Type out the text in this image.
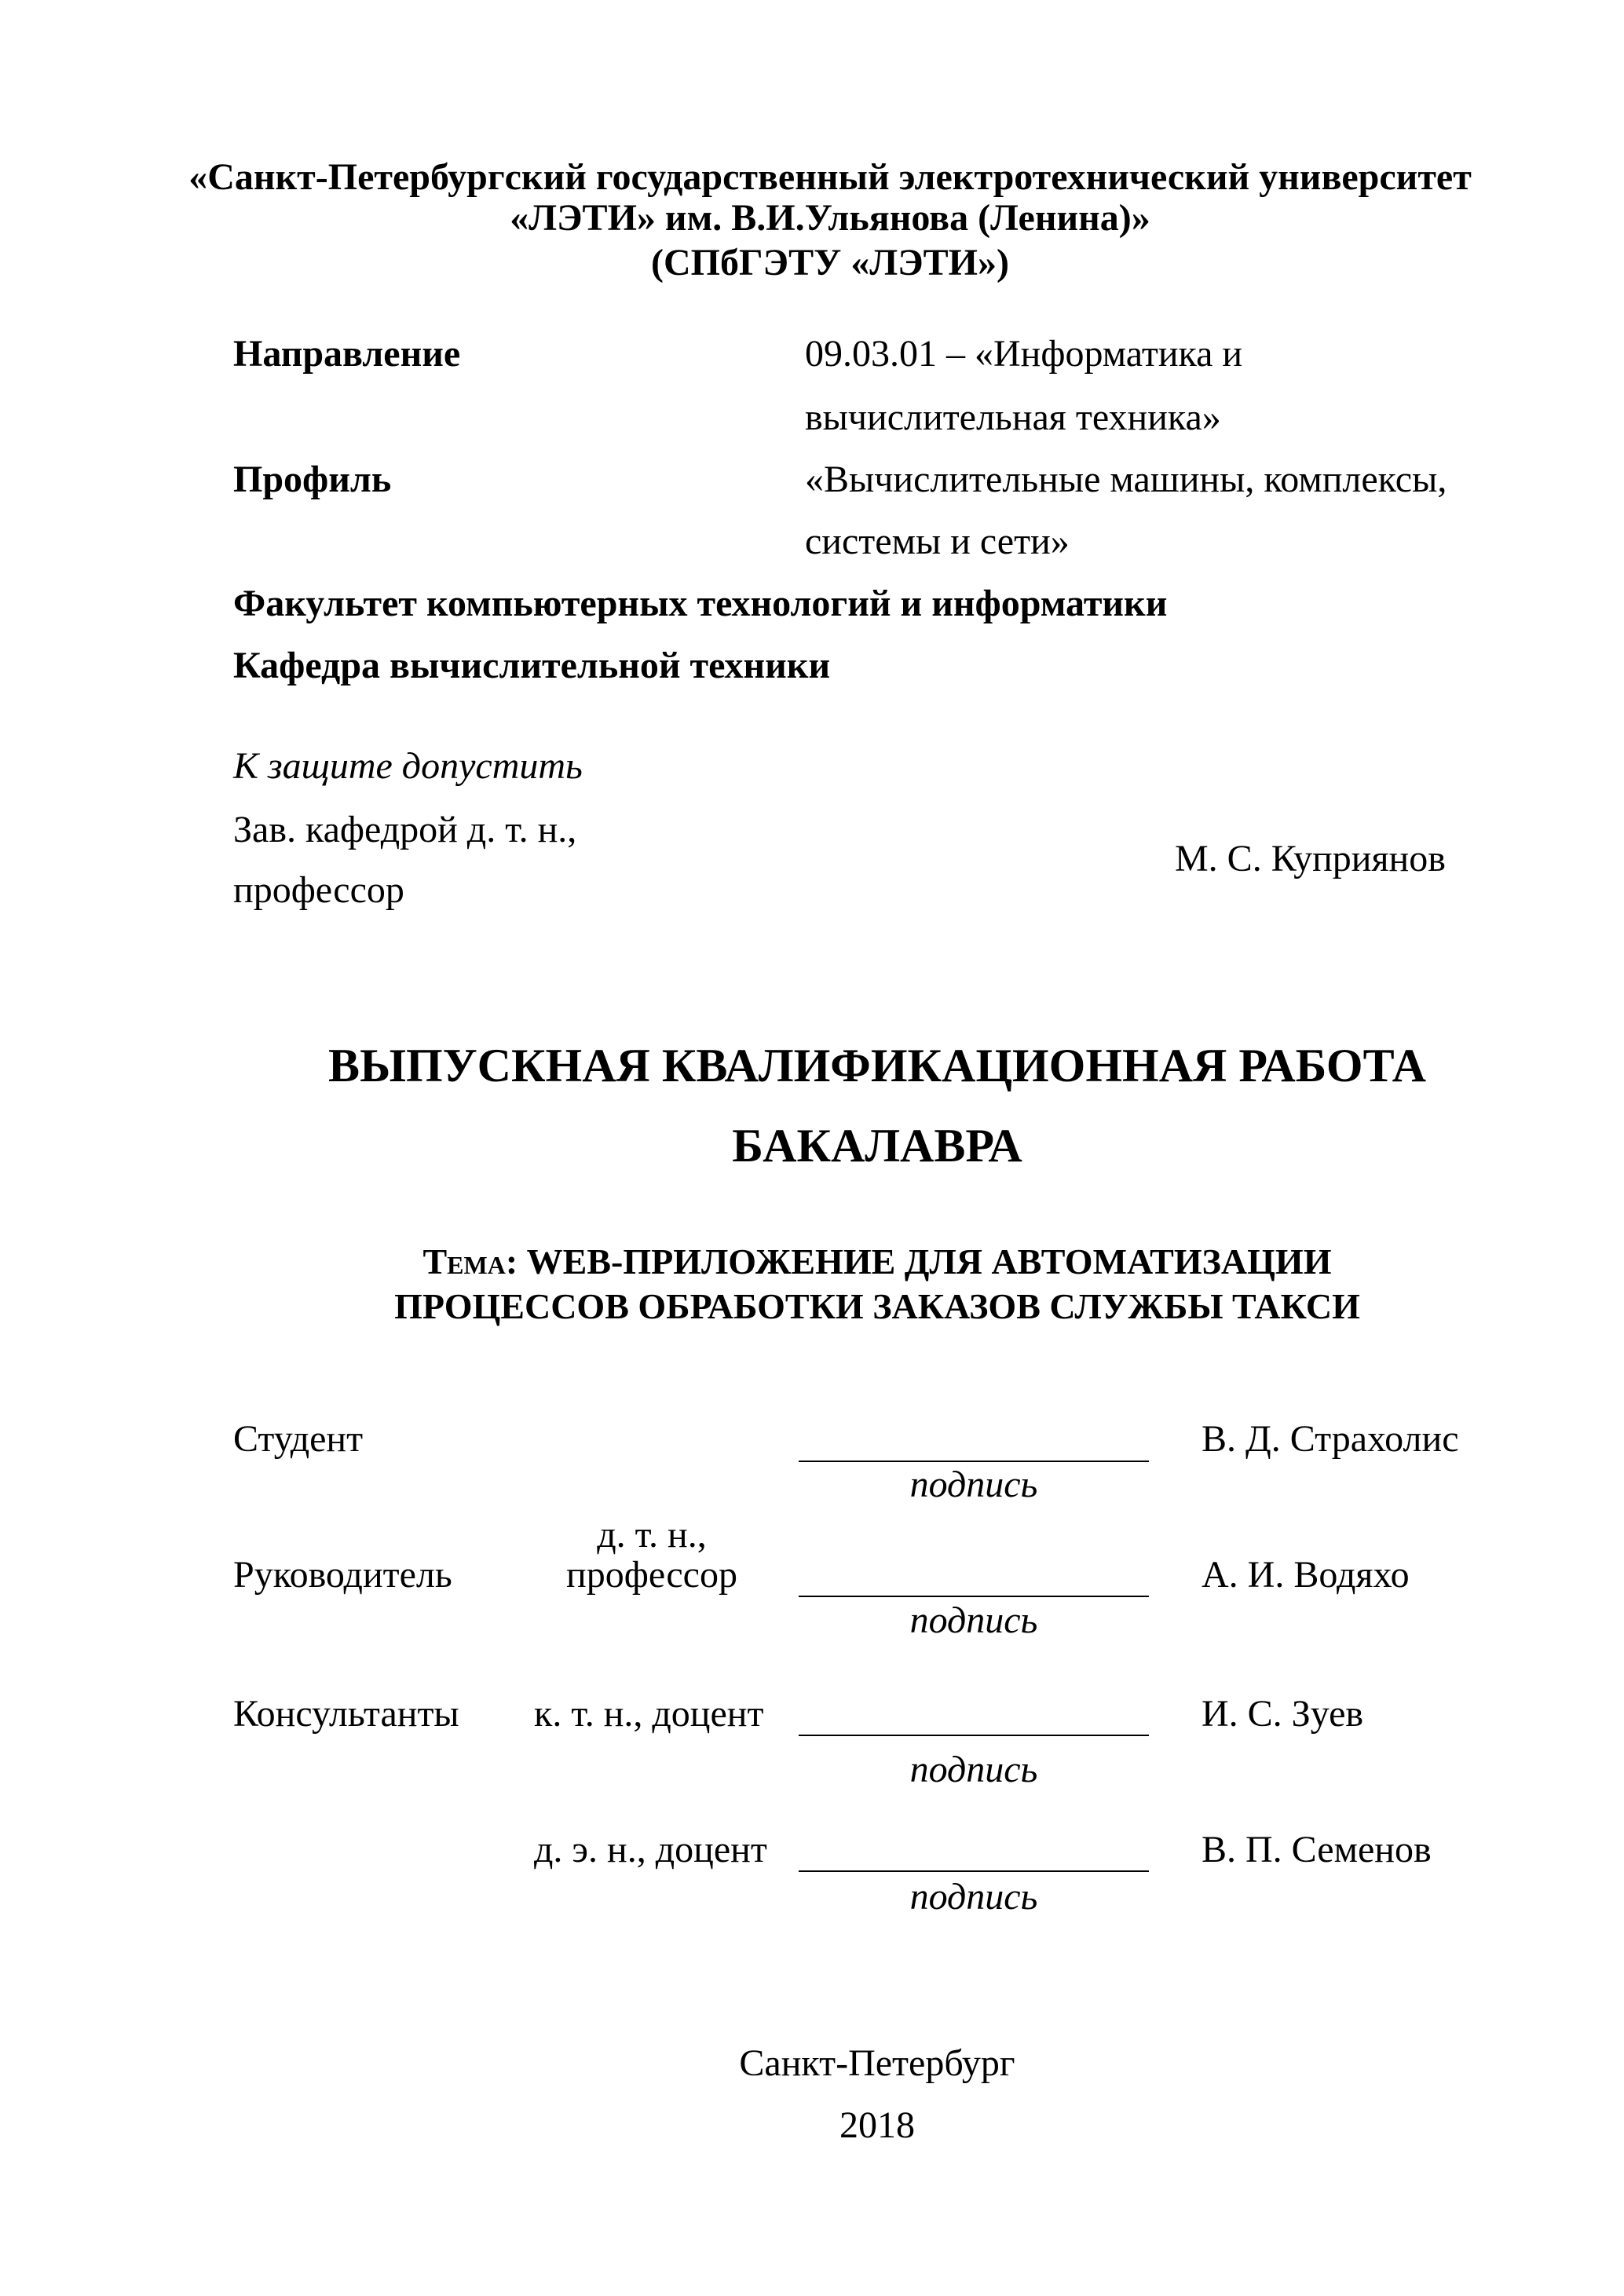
«Санкт-Петербургский государственный электротехнический университет
«ЛЭТИ» им. В.И.Ульянова (Ленина)»
(СПбГЭТУ «ЛЭТИ»)
Направление	09.03.01 – «Информатика и
вычислительная техника»
Профиль	«Вычислительные машины, комплексы,
системы и сети»
Факультет компьютерных технологий и информатики
Кафедра вычислительной техники
К защите допустить
Зав. кафедрой д. т. н.,
профессор
М. С. Куприянов
ВЫПУСКНАЯ КВАЛИФИКАЦИОННАЯ РАБОТА
БАКАЛАВРА
Тема: WEB-ПРИЛОЖЕНИЕ ДЛЯ АВТОМАТИЗАЦИИ
ПРОЦЕССОВ ОБРАБОТКИ ЗАКАЗОВ СЛУЖБЫ ТАКСИ
Студент
подпись
В. Д. Страхолис
Руководитель
д. т. н.,
профессор
подпись
А. И. Водяхо
Консультанты к. т. н., доцент
подпись
И. С. Зуев
д. э. н., доцент
подпись
В. П. Семенов
Санкт-Петербург
2018
